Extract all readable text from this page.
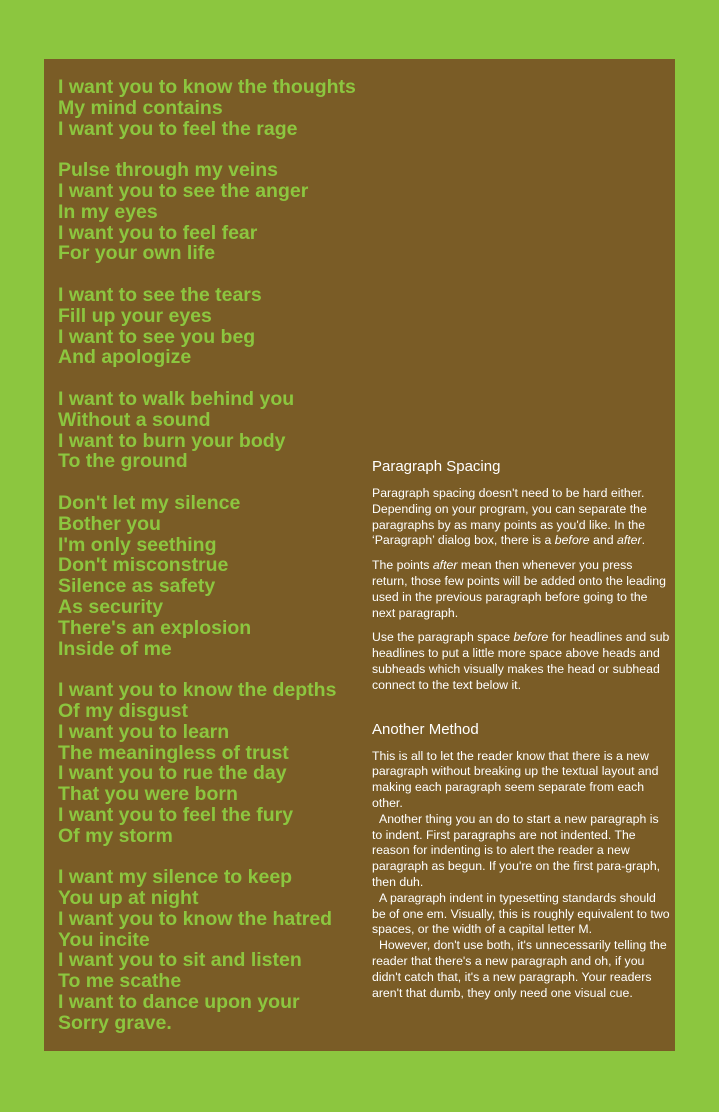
I want you to know the thoughts
My mind contains
I want you to feel the rage
Pulse through my veins
I want you to see the anger
In my eyes
I want you to feel fear
For your own life
I want to see the tears
Fill up your eyes
I want to see you beg
And apologize
I want to walk behind you
Without a sound
I want to burn your body
To the ground
Don't let my silence
Bother you
I'm only seething
Don't misconstrue
Silence as safety
As security
There's an explosion
Inside of me
I want you to know the depths
Of my disgust
I want you to learn
The meaningless of trust
I want you to rue the day
That you were born
I want you to feel the fury
Of my storm
I want my silence to keep
You up at night
I want you to know the hatred
You incite
I want you to sit and listen
To me scathe
I want to dance upon your
Sorry grave.
Paragraph Spacing
Paragraph spacing doesn't need to be hard either. Depending on your program, you can separate the paragraphs by as many points as you'd like. In the ‘Paragraph’ dialog box, there is a before and after.
The points after mean then whenever you press return, those few points will be added onto the leading used in the previous paragraph before going to the next paragraph.
Use the paragraph space before for headlines and sub headlines to put a little more space above heads and subheads which visually makes the head or subhead connect to the text below it.
Another Method
This is all to let the reader know that there is a new paragraph without breaking up the textual layout and making each paragraph seem separate from each other.
Another thing you an do to start a new paragraph is to indent. First paragraphs are not indented. The reason for indenting is to alert the reader a new paragraph as begun. If you're on the first para-graph, then duh.
A paragraph indent in typesetting standards should be of one em. Visually, this is roughly equivalent to two spaces, or the width of a capital letter M.
However, don't use both, it's unnecessarily telling the reader that there's a new paragraph and oh, if you didn't catch that, it's a new paragraph. Your readers aren't that dumb, they only need one visual cue.
